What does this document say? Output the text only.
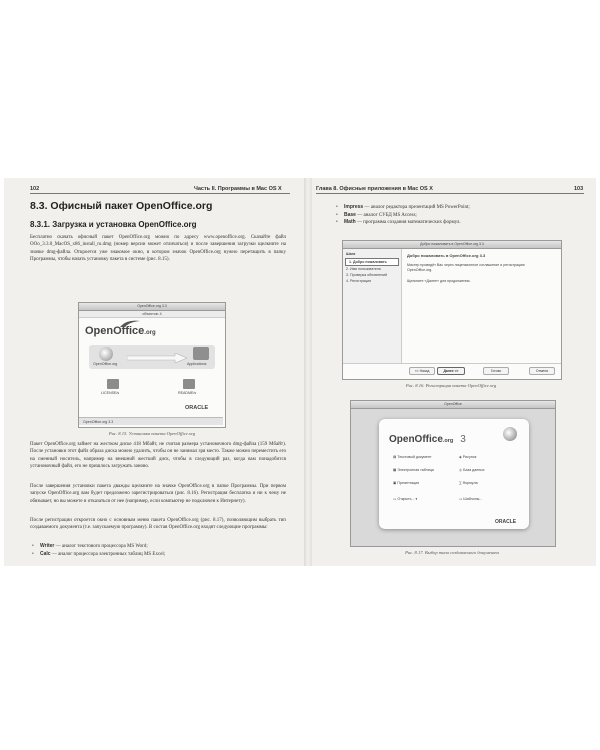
102	Часть II. Программы в Mac OS X
8.3. Офисный пакет OpenOffice.org
8.3.1. Загрузка и установка OpenOffice.org

Бесплатно скачать офисный пакет OpenOffice.org можно по адресу www.openoffice.org. Скачайте файл OOo_3.3.0_MacOS_x86_install_ru.dmg (номер версии может отличаться) и после завершения загрузки щелкните на значке dmg-файла. Откроется уже знакомое окно, в котором значок OpenOffice.org нужно перетащить в папку Программы, чтобы начать установку пакета в системе (рис. 8.15).

OpenOffice.org 3.3
объектов: 4
OpenOffice.org
OpenOffice.org	Applications
LICENSE/s	README/s
ORACLE
OpenOffice.org 3.3
Рис. 8.15. Установка пакета OpenOffice.org

Пакет OpenOffice.org займет на жестком диске 418 Мбайт, не считая размера установочного dmg-файла (159 Мбайт). После установки этот файл образа диска можно удалить, чтобы он не занимал зря место. Также можно переместить его на сменный носитель, например на внешний жесткий диск, чтобы в следующий раз, когда вам понадобится установочный файл, его не пришлось загружать заново.

После завершения установки пакета дважды щелкните на значке OpenOffice.org в папке Программы. При первом запуске OpenOffice.org вам будет предложено зарегистрироваться (рис. 8.16). Регистрация бесплатна и ни к чему не обязывает, но вы можете и отказаться от нее (например, если компьютер не подключен к Интернету).

После регистрации откроется окно с основным меню пакета OpenOffice.org (рис. 8.17), позволяющим выбрать тип создаваемого документа (т.е. запускаемую программу). В состав OpenOffice.org входят следующие программы:

• Writer — аналог текстового процессора MS Word;
• Calc — аналог процессора электронных таблиц MS Excel;
Глава 8. Офисные приложения в Mac OS X	103
• Impress — аналог редактора презентаций MS PowerPoint;
• Base — аналог СУБД MS Access;
• Math — программа создания математических формул.
Добро пожаловать в OpenOffice.org 3.3
Шаги
1. Добро пожаловать
2. Имя пользователя
3. Проверка обновлений
4. Регистрация
Добро пожаловать в OpenOffice.org 3.3
Мастер проведёт Вас через лицензионное соглашение и регистрацию OpenOffice.org.
Щелкните «Далее» для продолжения.
<< Назад	Далее >>	Готово	Отмена
Рис. 8.16. Регистрация пакета OpenOffice.org
OpenOffice
OpenOffice.org 3
▤ Текстовый документ	◈ Рисунок
▦ Электронная таблица	◎ База данных
▣ Презентация	∑ Формула
▭ Открыть... ▾	▭ Шаблоны...
ORACLE
Рис. 8.17. Выбор типа создаваемого документа
